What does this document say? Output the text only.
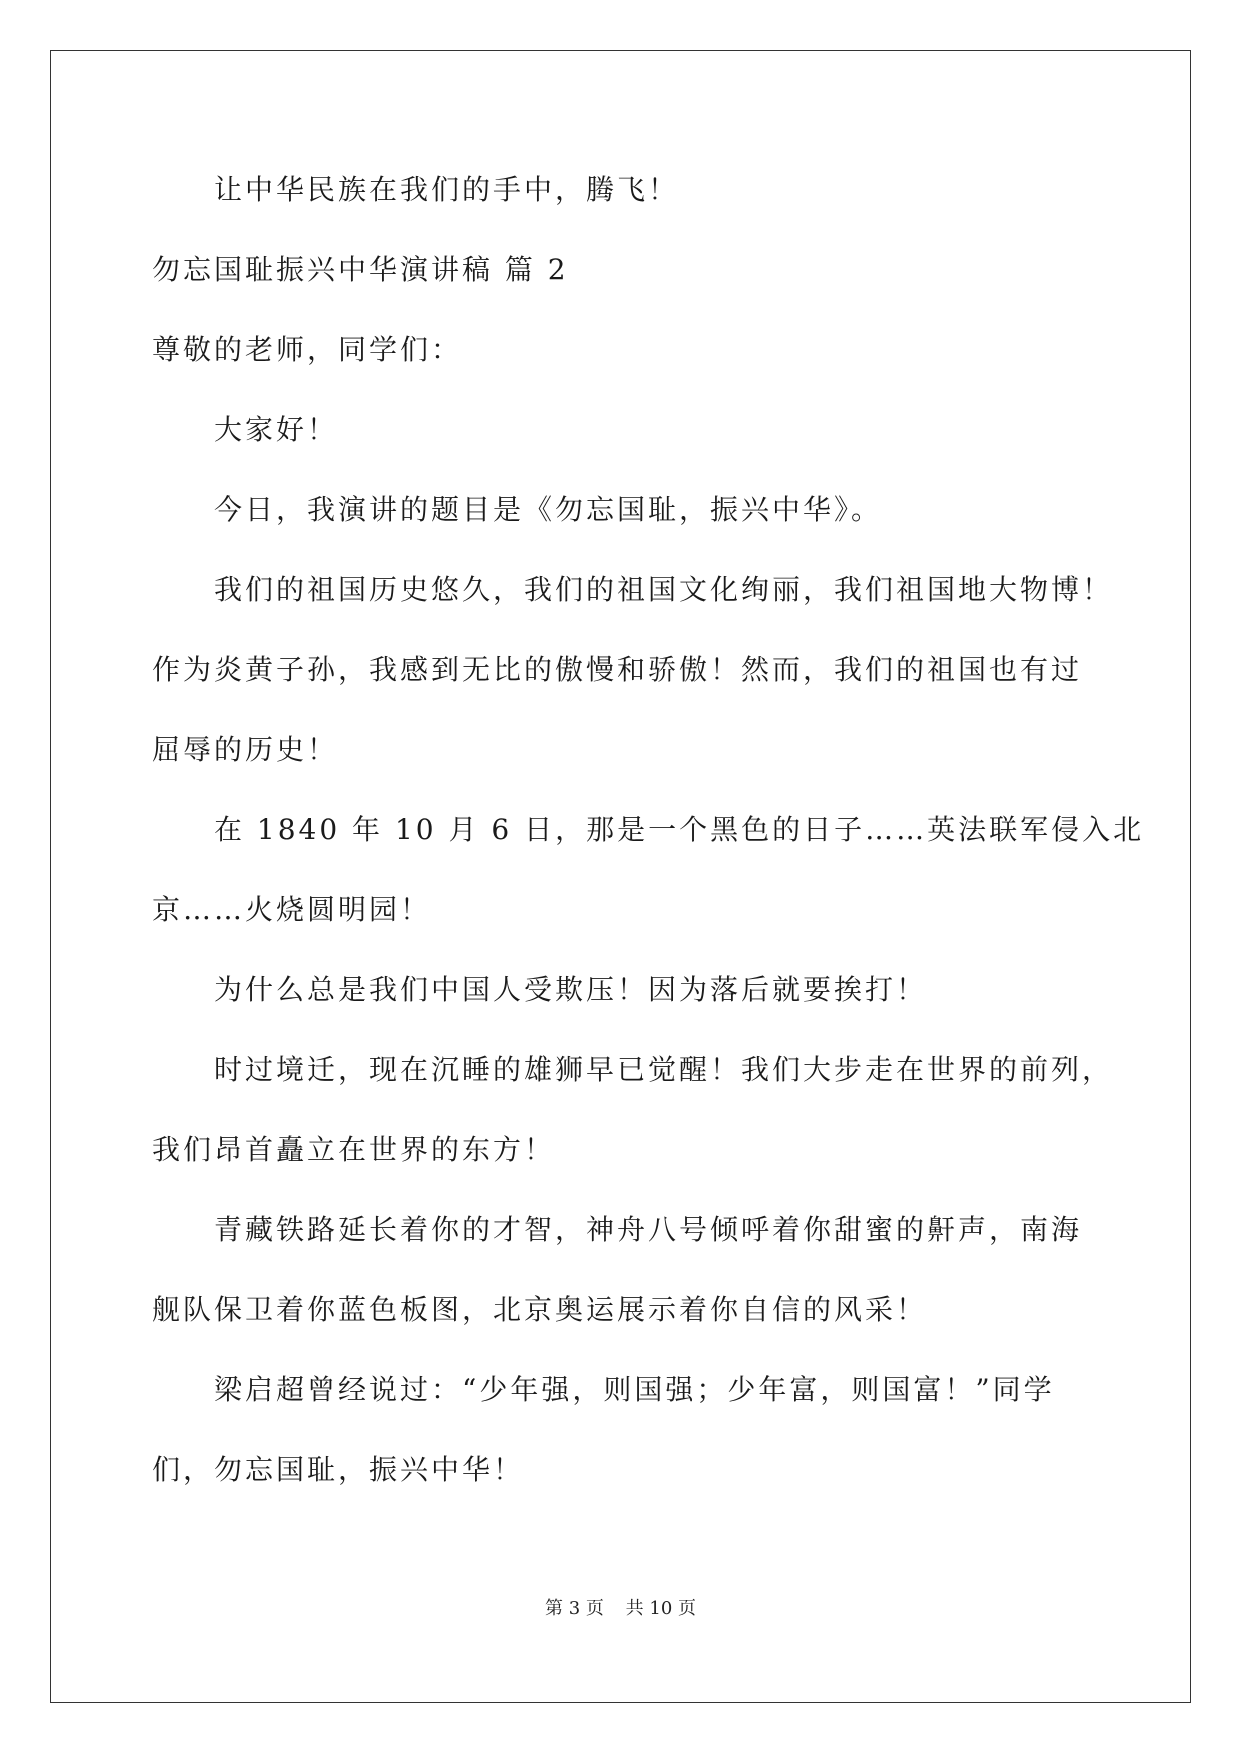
让中华民族在我们的手中，腾飞！
勿忘国耻振兴中华演讲稿 篇 2
尊敬的老师，同学们：
大家好！
今日，我演讲的题目是《勿忘国耻，振兴中华》。
我们的祖国历史悠久，我们的祖国文化绚丽，我们祖国地大物博！
作为炎黄子孙，我感到无比的傲慢和骄傲！然而，我们的祖国也有过
屈辱的历史！
在 1840 年 10 月 6 日，那是一个黑色的日子……英法联军侵入北
京……火烧圆明园！
为什么总是我们中国人受欺压！因为落后就要挨打！
时过境迁，现在沉睡的雄狮早已觉醒！我们大步走在世界的前列，
我们昂首矗立在世界的东方！
青藏铁路延长着你的才智，神舟八号倾呼着你甜蜜的鼾声，南海
舰队保卫着你蓝色板图，北京奥运展示着你自信的风采！
梁启超曾经说过：“少年强，则国强；少年富，则国富！”同学
们，勿忘国耻，振兴中华！
第 3 页 共 10 页
